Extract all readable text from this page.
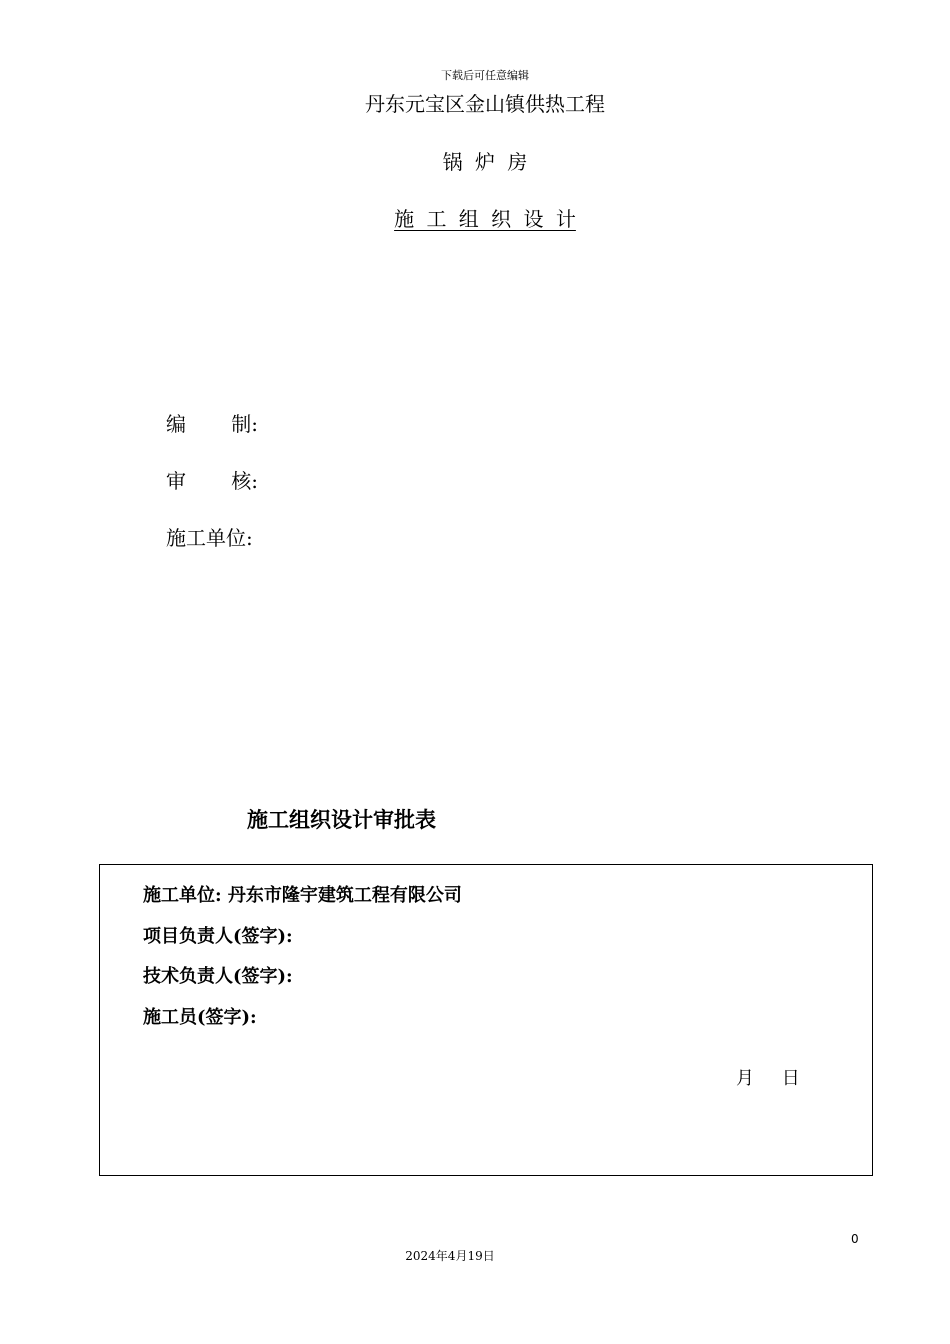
下载后可任意编辑
丹东元宝区金山镇供热工程
锅 炉 房
施 工 组 织 设 计
编 制:
审 核:
施工单位:
施工组织设计审批表
施工单位: 丹东市隆宇建筑工程有限公司
项目负责人(签字):
技术负责人(签字):
施工员(签字):
月 日
0
2024年4月19日
